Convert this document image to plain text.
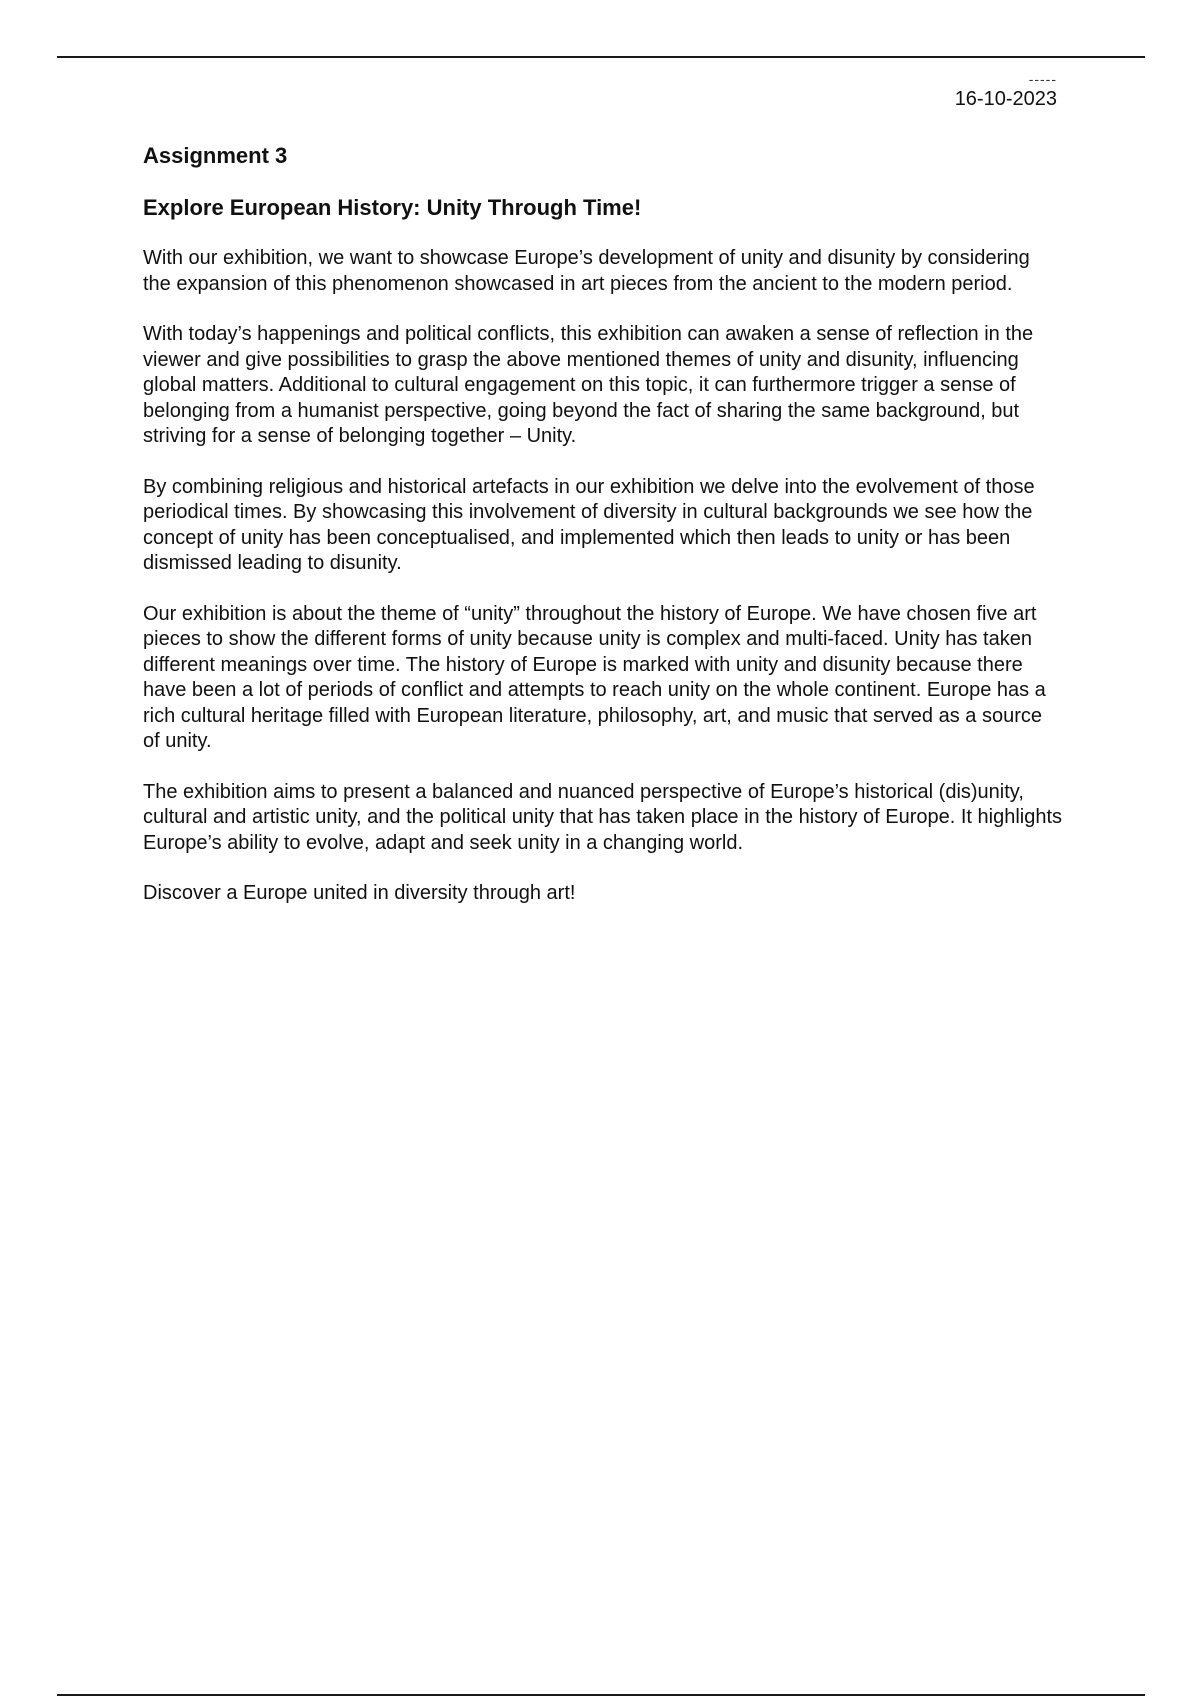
-----
16-10-2023
Assignment 3
Explore European History: Unity Through Time!

With our exhibition, we want to showcase Europe’s development of unity and disunity by considering the expansion of this phenomenon showcased in art pieces from the ancient to the modern period.

With today’s happenings and political conflicts, this exhibition can awaken a sense of reflection in the viewer and give possibilities to grasp the above mentioned themes of unity and disunity, influencing global matters. Additional to cultural engagement on this topic, it can furthermore trigger a sense of belonging from a humanist perspective, going beyond the fact of sharing the same background, but striving for a sense of belonging together – Unity.

By combining religious and historical artefacts in our exhibition we delve into the evolvement of those periodical times. By showcasing this involvement of diversity in cultural backgrounds we see how the concept of unity has been conceptualised, and implemented which then leads to unity or has been dismissed leading to disunity.

Our exhibition is about the theme of “unity” throughout the history of Europe. We have chosen five art pieces to show the different forms of unity because unity is complex and multi-faced. Unity has taken different meanings over time. The history of Europe is marked with unity and disunity because there have been a lot of periods of conflict and attempts to reach unity on the whole continent. Europe has a rich cultural heritage filled with European literature, philosophy, art, and music that served as a source of unity.

The exhibition aims to present a balanced and nuanced perspective of Europe’s historical (dis)unity, cultural and artistic unity, and the political unity that has taken place in the history of Europe. It highlights Europe’s ability to evolve, adapt and seek unity in a changing world.

Discover a Europe united in diversity through art!
